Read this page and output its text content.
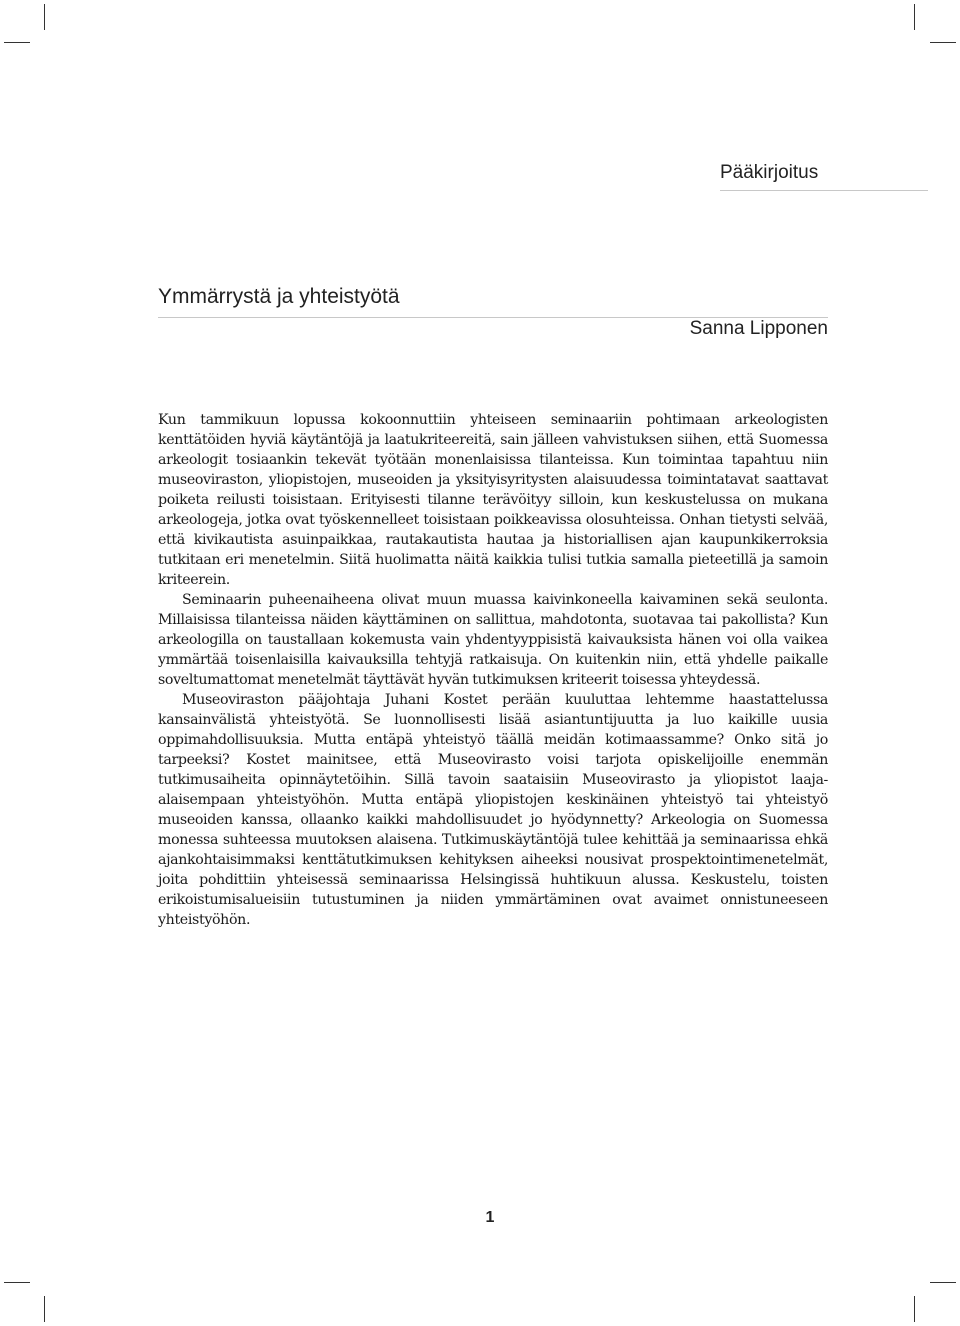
Pääkirjoitus
Ymmärrystä ja yhteistyötä
Sanna Lipponen

Kun tammikuun lopussa kokoonnuttiin yhteiseen seminaariin pohtimaan arkeologisten kenttätöiden hyviä käytäntöjä ja laatukriteereitä, sain jälleen vahvistuksen siihen, että Suomessa arkeologit tosiaankin tekevät työtään monenlaisissa tilanteissa. Kun toimintaa tapahtuu niin museoviraston, yliopistojen, museoiden ja yksityisyritysten alaisuudessa toimintatavat saattavat poiketa reilusti toisistaan. Erityisesti tilanne terävöityy silloin, kun keskustelussa on mukana arkeologeja, jotka ovat työskennelleet toisistaan poikkeavissa olosuhteissa. Onhan tietysti selvää, että kivikautista asuinpaikkaa, rautakautista hautaa ja historiallisen ajan kaupunkikerroksia tutkitaan eri menetelmin. Siitä huolimatta näitä kaikkia tulisi tutkia samalla pieteetillä ja samoin kriteerein.

Seminaarin puheenaiheena olivat muun muassa kaivinkoneella kaivaminen sekä seulonta. Millaisissa tilanteissa näiden käyttäminen on sallittua, mahdotonta, suotavaa tai pakollista? Kun arkeologilla on taustallaan kokemusta vain yhdentyyppisistä kaivauksista hänen voi olla vaikea ymmärtää toisenlaisilla kaivauksilla tehtyjä ratkaisuja. On kuitenkin niin, että yhdelle paikalle soveltumattomat menetelmät täyttävät hyvän tutkimuksen kriteerit toisessa yhteydessä.

Museoviraston pääjohtaja Juhani Kostet perään kuuluttaa lehtemme haastattelussa kansainvälistä yhteistyötä. Se luonnollisesti lisää asiantuntijuutta ja luo kaikille uusia oppimahdollisuuksia. Mutta entäpä yhteistyö täällä meidän kotimaassamme? Onko sitä jo tarpeeksi? Kostet mainitsee, että Museovirasto voisi tarjota opiskelijoille enemmän tutkimusaiheita opinnäytetöihin. Sillä tavoin saataisiin Museovirasto ja yliopistot laaja-alaisempaan yhteistyöhön. Mutta entäpä yliopistojen keskinäinen yhteistyö tai yhteistyö museoiden kanssa, ollaanko kaikki mahdollisuudet jo hyödynnetty? Arkeologia on Suomessa monessa suhteessa muutoksen alaisena. Tutkimuskäytäntöjä tulee kehittää ja seminaarissa ehkä ajankohtaisimmaksi kenttätutkimuksen kehityksen aiheeksi nousivat prospektointimenetelmät, joita pohdittiin yhteisessä seminaarissa Helsingissä huhtikuun alussa. Keskustelu, toisten erikoistumisalueisiin tutustuminen ja niiden ymmärtäminen ovat avaimet onnistuneeseen yhteistyöhön.

1
